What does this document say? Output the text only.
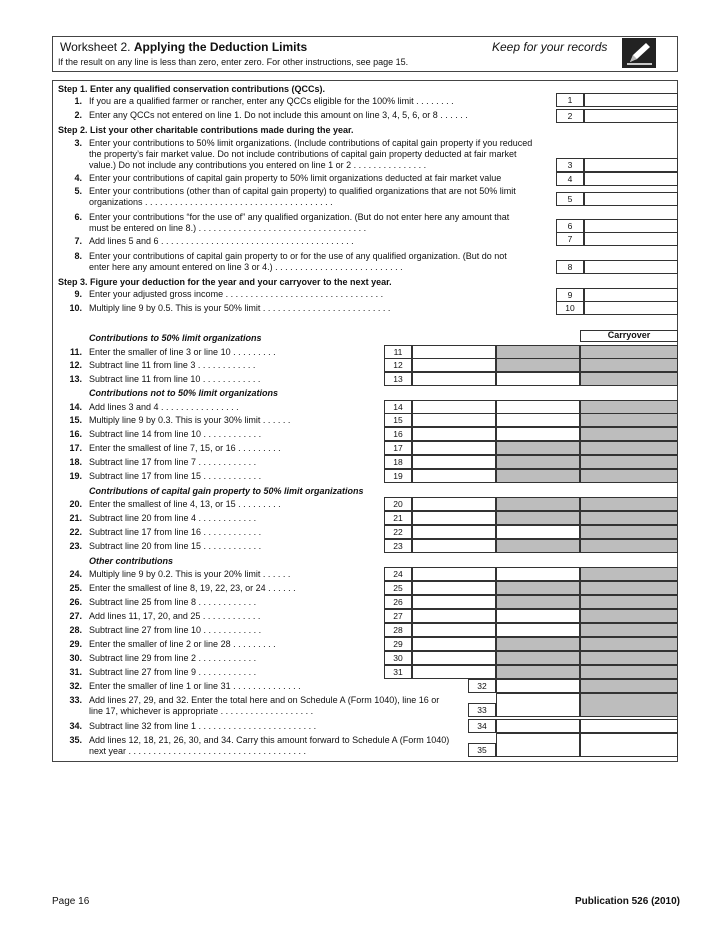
Worksheet 2. Applying the Deduction Limits	Keep for your records
If the result on any line is less than zero, enter zero. For other instructions, see page 15.
Step 1. Enter any qualified conservation contributions (QCCs).
Step 2. List your other charitable contributions made during the year.
Step 3. Figure your deduction for the year and your carryover to the next year.
1. If you are a qualified farmer or rancher, enter any QCCs eligible for the 100% limit . . . . . . . .	1
2. Enter any QCCs not entered on line 1. Do not include this amount on line 3, 4, 5, 6, or 8 . . . . . .	2
3. Enter your contributions to 50% limit organizations. (Include contributions of capital gain property if you reduced
the property’s fair market value. Do not include contributions of capital gain property deducted at fair market
value.) Do not include any contributions you entered on line 1 or 2 . . . . . . . . . . . . . . .	3
4. Enter your contributions of capital gain property to 50% limit organizations deducted at fair market value	4
5. Enter your contributions (other than of capital gain property) to qualified organizations that are not 50% limit
organizations . . . . . . . . . . . . . . . . . . . . . . . . . . . . . . . . . . . . . .	5
6. Enter your contributions “for the use of” any qualified organization. (But do not enter here any amount that
must be entered on line 8.) . . . . . . . . . . . . . . . . . . . . . . . . . . . . . . . . . .	6
7. Add lines 5 and 6 . . . . . . . . . . . . . . . . . . . . . . . . . . . . . . . . . . . . . . .	7
8. Enter your contributions of capital gain property to or for the use of any qualified organization. (But do not
enter here any amount entered on line 3 or 4.) . . . . . . . . . . . . . . . . . . . . . . . . . .	8
9. Enter your adjusted gross income . . . . . . . . . . . . . . . . . . . . . . . . . . . . . . . .	9
10. Multiply line 9 by 0.5. This is your 50% limit . . . . . . . . . . . . . . . . . . . . . . . . . .	10
Carryover
Contributions to 50% limit organizations
Contributions not to 50% limit organizations
Contributions of capital gain property to 50% limit organizations
Other contributions
11. Enter the smaller of line 3 or line 10 . . . . . . . . .	11
12. Subtract line 11 from line 3 . . . . . . . . . . . .	12
13. Subtract line 11 from line 10 . . . . . . . . . . . .	13
14. Add lines 3 and 4 . . . . . . . . . . . . . . . .	14
15. Multiply line 9 by 0.3. This is your 30% limit . . . . . .	15
16. Subtract line 14 from line 10 . . . . . . . . . . . .	16
17. Enter the smallest of line 7, 15, or 16 . . . . . . . . .	17
18. Subtract line 17 from line 7 . . . . . . . . . . . .	18
19. Subtract line 17 from line 15 . . . . . . . . . . . .	19
20. Enter the smallest of line 4, 13, or 15 . . . . . . . . .	20
21. Subtract line 20 from line 4 . . . . . . . . . . . .	21
22. Subtract line 17 from line 16 . . . . . . . . . . . .	22
23. Subtract line 20 from line 15 . . . . . . . . . . . .	23
24. Multiply line 9 by 0.2. This is your 20% limit . . . . . .	24
25. Enter the smallest of line 8, 19, 22, 23, or 24 . . . . . .	25
26. Subtract line 25 from line 8 . . . . . . . . . . . .	26
27. Add lines 11, 17, 20, and 25 . . . . . . . . . . . .	27
28. Subtract line 27 from line 10 . . . . . . . . . . . .	28
29. Enter the smaller of line 2 or line 28 . . . . . . . . .	29
30. Subtract line 29 from line 2 . . . . . . . . . . . .	30
31. Subtract line 27 from line 9 . . . . . . . . . . . .	31
32. Enter the smaller of line 1 or line 31 . . . . . . . . . . . . . .	32
33. Add lines 27, 29, and 32. Enter the total here and on Schedule A (Form 1040), line 16 or
line 17, whichever is appropriate . . . . . . . . . . . . . . . . . . .	33
34. Subtract line 32 from line 1 . . . . . . . . . . . . . . . . . . . . . . . .	34
35. Add lines 12, 18, 21, 26, 30, and 34. Carry this amount forward to Schedule A (Form 1040)
next year . . . . . . . . . . . . . . . . . . . . . . . . . . . . . . . . . . . .	35
Page 16	Publication 526 (2010)
